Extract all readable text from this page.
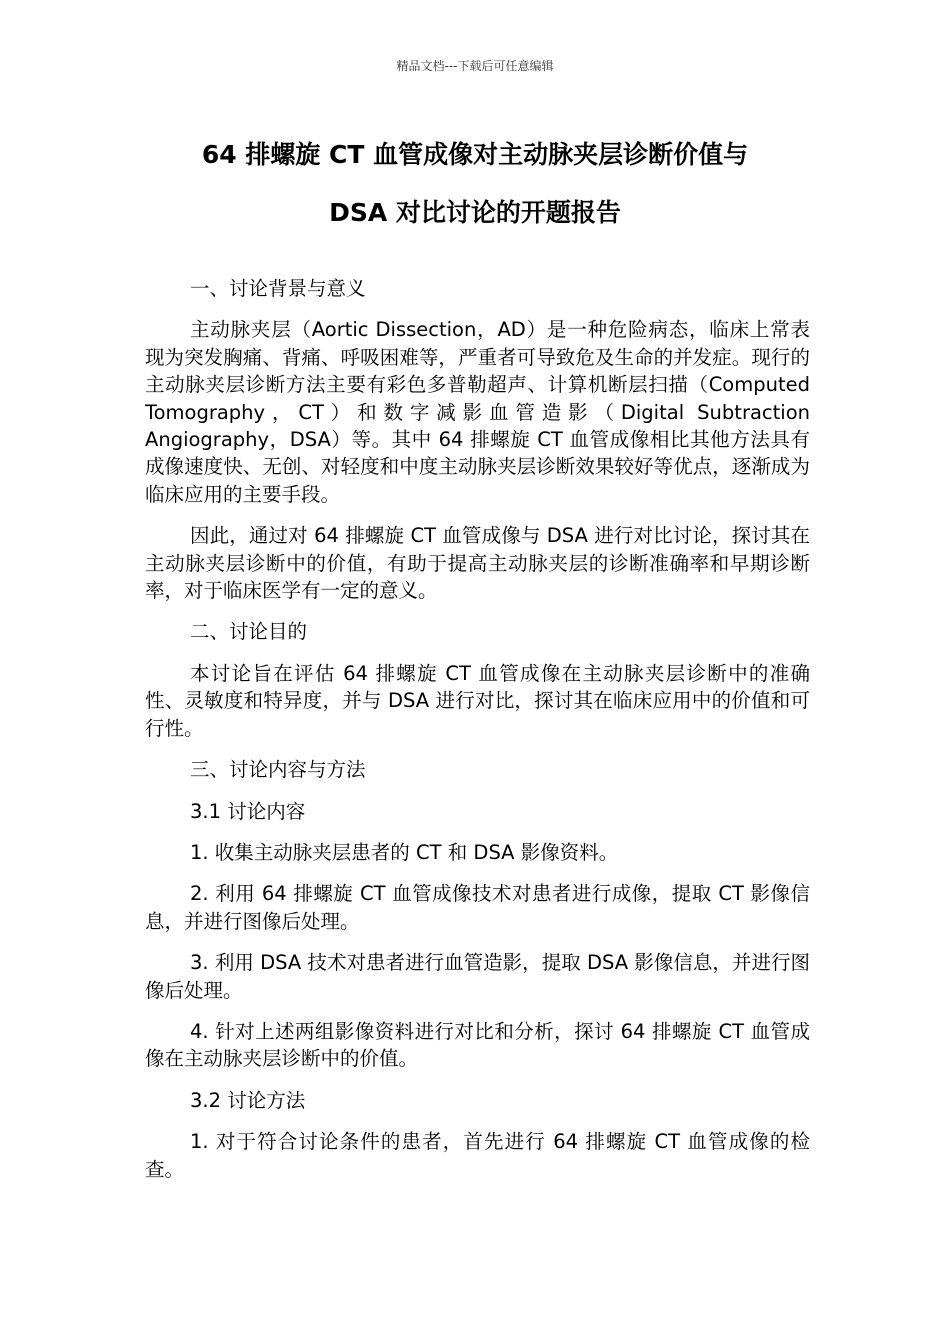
精品文档---下载后可任意编辑
64 排螺旋 CT 血管成像对主动脉夹层诊断价值与
DSA 对比讨论的开题报告

一、讨论背景与意义

主动脉夹层（Aortic Dissection，AD）是一种危险病态，临床上常表现为突发胸痛、背痛、呼吸困难等，严重者可导致危及生命的并发症。现行的主动脉夹层诊断方法主要有彩色多普勒超声、计算机断层扫描（Computed Tomography，CT）和数字减影血管造影（Digital Subtraction Angiography，DSA）等。其中 64 排螺旋 CT 血管成像相比其他方法具有成像速度快、无创、对轻度和中度主动脉夹层诊断效果较好等优点，逐渐成为临床应用的主要手段。

因此，通过对 64 排螺旋 CT 血管成像与 DSA 进行对比讨论，探讨其在主动脉夹层诊断中的价值，有助于提高主动脉夹层的诊断准确率和早期诊断率，对于临床医学有一定的意义。

二、讨论目的

本讨论旨在评估 64 排螺旋 CT 血管成像在主动脉夹层诊断中的准确性、灵敏度和特异度，并与 DSA 进行对比，探讨其在临床应用中的价值和可行性。

三、讨论内容与方法

3.1 讨论内容

1. 收集主动脉夹层患者的 CT 和 DSA 影像资料。

2. 利用 64 排螺旋 CT 血管成像技术对患者进行成像，提取 CT 影像信息，并进行图像后处理。

3. 利用 DSA 技术对患者进行血管造影，提取 DSA 影像信息，并进行图像后处理。

4. 针对上述两组影像资料进行对比和分析，探讨 64 排螺旋 CT 血管成像在主动脉夹层诊断中的价值。

3.2 讨论方法

1. 对于符合讨论条件的患者，首先进行 64 排螺旋 CT 血管成像的检查。
